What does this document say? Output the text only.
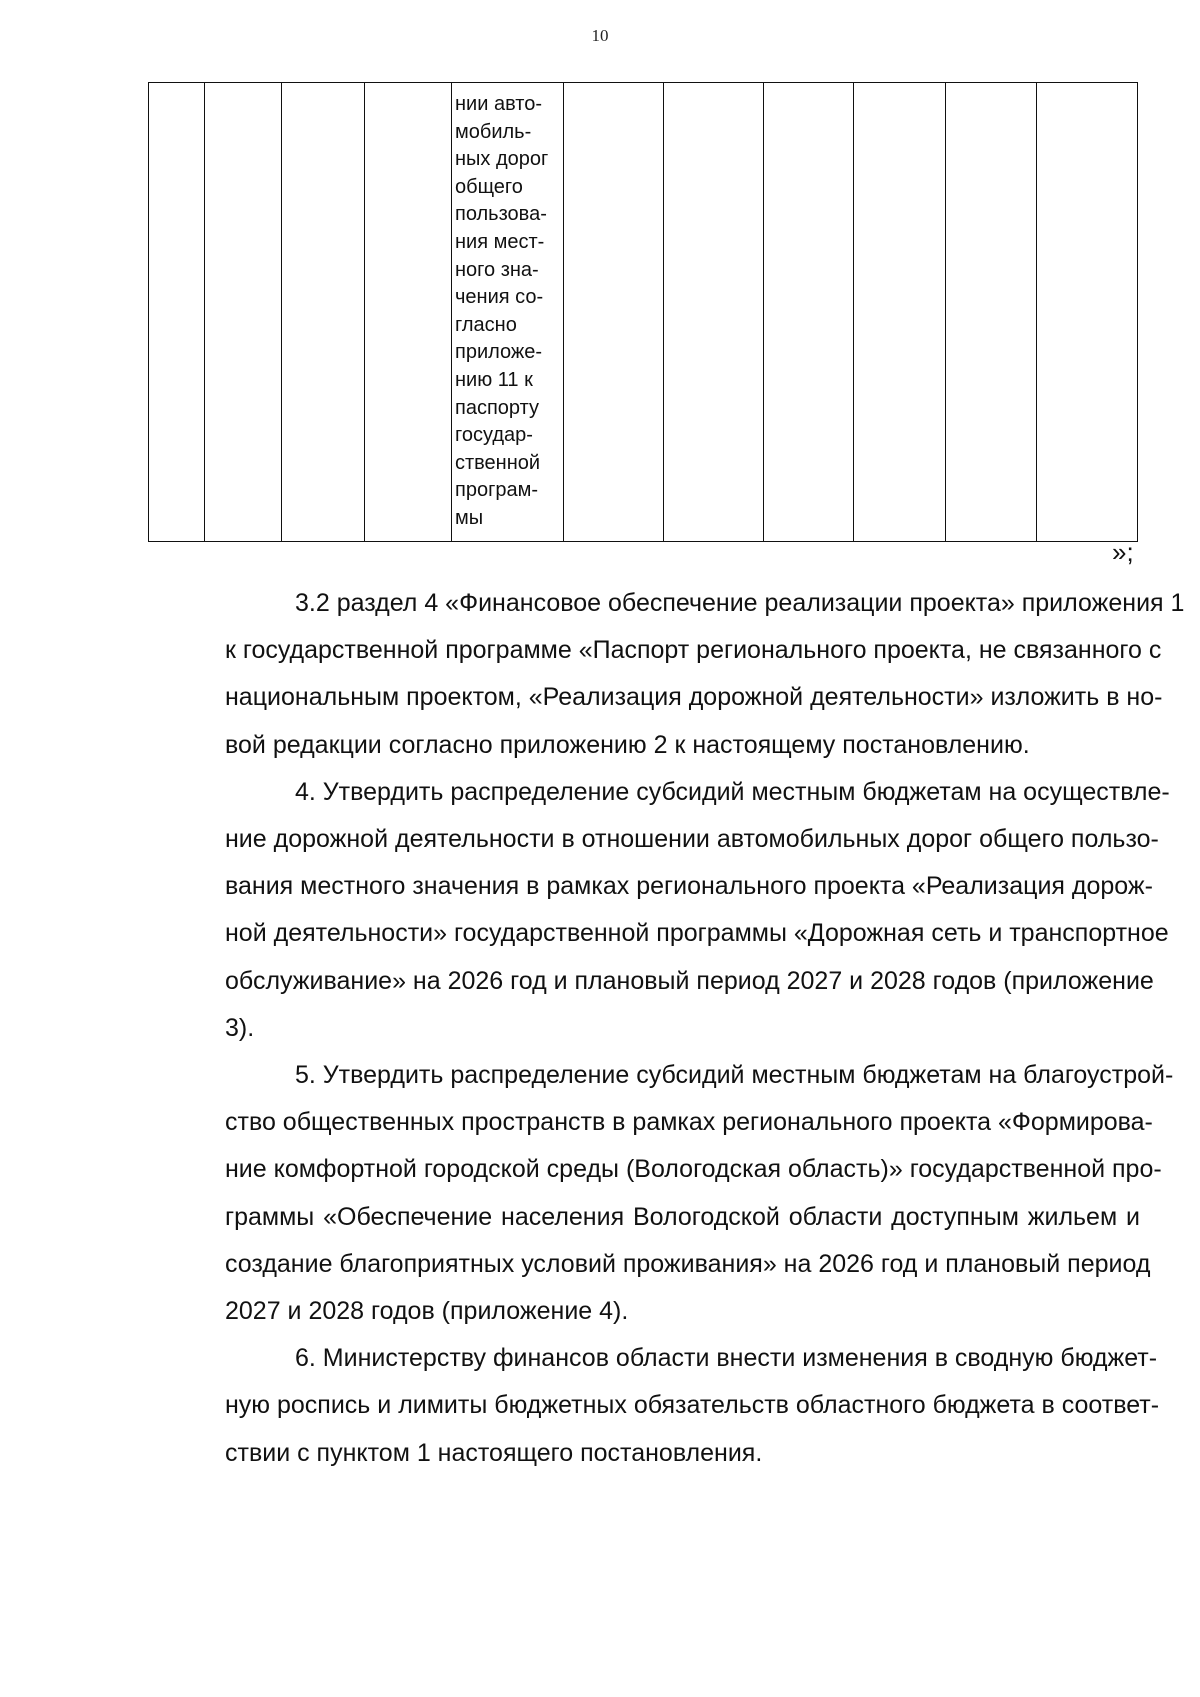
10

нии авто-
мобиль-
ных дорог
общего
пользова-
ния мест-
ного зна-
чения со-
гласно
приложе-
нию 11 к
паспорту
государ-
ственной
програм-
мы

»;

3.2 раздел 4 «Финансовое обеспечение реализации проекта» приложения 1
к государственной программе «Паспорт регионального проекта, не связанного с
национальным проектом, «Реализация дорожной деятельности» изложить в но-
вой редакции согласно приложению 2 к настоящему постановлению.

4. Утвердить распределение субсидий местным бюджетам на осуществле-
ние дорожной деятельности в отношении автомобильных дорог общего пользо-
вания местного значения в рамках регионального проекта «Реализация дорож-
ной деятельности» государственной программы «Дорожная сеть и транспортное
обслуживание» на 2026 год и плановый период 2027 и 2028 годов (приложение
3).

5. Утвердить распределение субсидий местным бюджетам на благоустрой-
ство общественных пространств в рамках регионального проекта «Формирова-
ние комфортной городской среды (Вологодская область)» государственной про-
граммы «Обеспечение населения Вологодской области доступным жильем и
создание благоприятных условий проживания» на 2026 год и плановый период
2027 и 2028 годов (приложение 4).

6. Министерству финансов области внести изменения в сводную бюджет-
ную роспись и лимиты бюджетных обязательств областного бюджета в соответ-
ствии с пунктом 1 настоящего постановления.
